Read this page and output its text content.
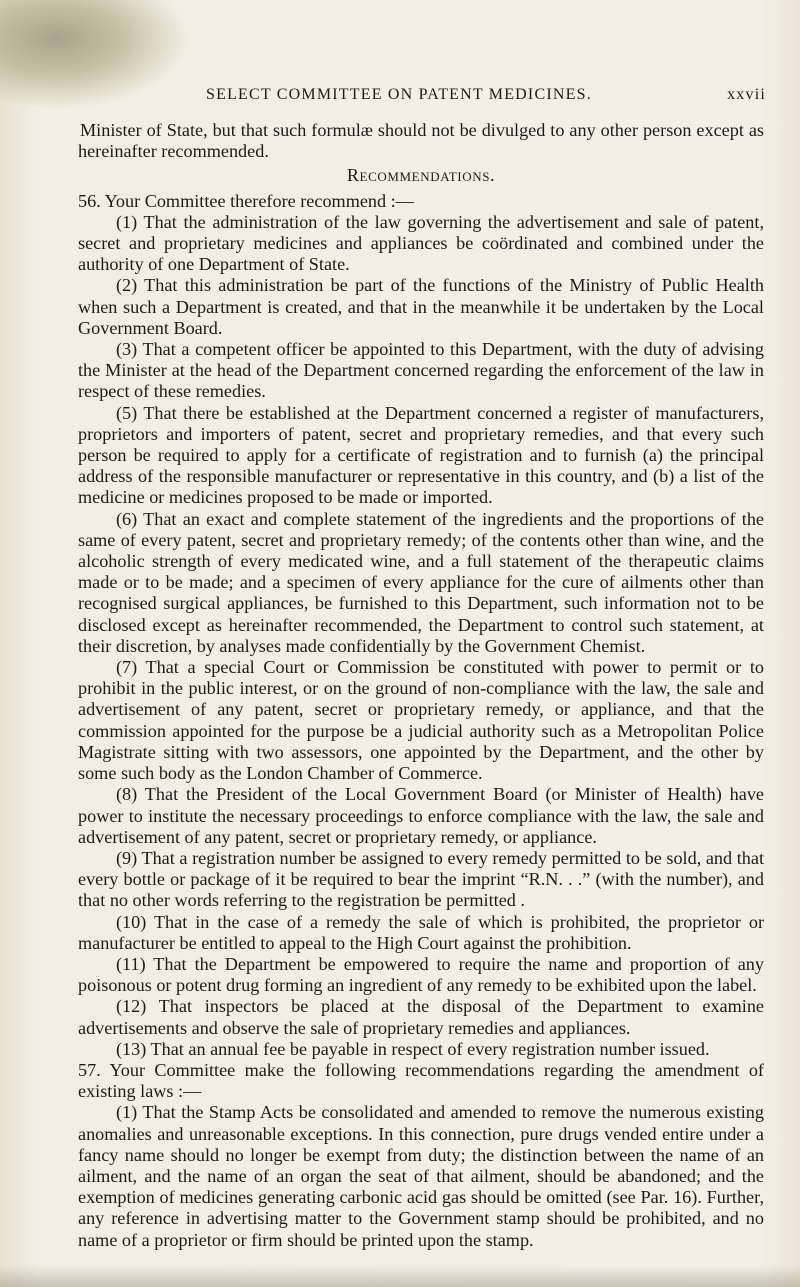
SELECT COMMITTEE ON PATENT MEDICINES.	xxvii

Minister of State, but that such formulæ should not be divulged to any other person except as hereinafter recommended.

Recommendations.

56. Your Committee therefore recommend :—

(1) That the administration of the law governing the advertisement and sale of patent, secret and proprietary medicines and appliances be coördinated and combined under the authority of one Department of State.

(2) That this administration be part of the functions of the Ministry of Public Health when such a Department is created, and that in the meanwhile it be undertaken by the Local Government Board.

(3) That a competent officer be appointed to this Department, with the duty of advising the Minister at the head of the Department concerned regarding the enforcement of the law in respect of these remedies.

(5) That there be established at the Department concerned a register of manufacturers, proprietors and importers of patent, secret and proprietary remedies, and that every such person be required to apply for a certificate of registration and to furnish (a) the principal address of the responsible manufacturer or representative in this country, and (b) a list of the medicine or medicines proposed to be made or imported.

(6) That an exact and complete statement of the ingredients and the proportions of the same of every patent, secret and proprietary remedy; of the contents other than wine, and the alcoholic strength of every medicated wine, and a full statement of the therapeutic claims made or to be made; and a specimen of every appliance for the cure of ailments other than recognised surgical appliances, be furnished to this Department, such information not to be disclosed except as hereinafter recommended, the Department to control such statement, at their discretion, by analyses made confidentially by the Government Chemist.

(7) That a special Court or Commission be constituted with power to permit or to prohibit in the public interest, or on the ground of non-compliance with the law, the sale and advertisement of any patent, secret or proprietary remedy, or appliance, and that the commission appointed for the purpose be a judicial authority such as a Metropolitan Police Magistrate sitting with two assessors, one appointed by the Department, and the other by some such body as the London Chamber of Commerce.

(8) That the President of the Local Government Board (or Minister of Health) have power to institute the necessary proceedings to enforce compliance with the law, the sale and advertisement of any patent, secret or proprietary remedy, or appliance.

(9) That a registration number be assigned to every remedy permitted to be sold, and that every bottle or package of it be required to bear the imprint “R.N. . .” (with the number), and that no other words referring to the registration be permitted .

(10) That in the case of a remedy the sale of which is prohibited, the proprietor or manufacturer be entitled to appeal to the High Court against the prohibition.

(11) That the Department be empowered to require the name and proportion of any poisonous or potent drug forming an ingredient of any remedy to be exhibited upon the label.

(12) That inspectors be placed at the disposal of the Department to examine advertisements and observe the sale of proprietary remedies and appliances.

(13) That an annual fee be payable in respect of every registration number issued.

57. Your Committee make the following recommendations regarding the amendment of existing laws :—

(1) That the Stamp Acts be consolidated and amended to remove the numerous existing anomalies and unreasonable exceptions. In this connection, pure drugs vended entire under a fancy name should no longer be exempt from duty; the distinction between the name of an ailment, and the name of an organ the seat of that ailment, should be abandoned; and the exemption of medicines generating carbonic acid gas should be omitted (see Par. 16). Further, any reference in advertising matter to the Government stamp should be prohibited, and no name of a proprietor or firm should be printed upon the stamp.
